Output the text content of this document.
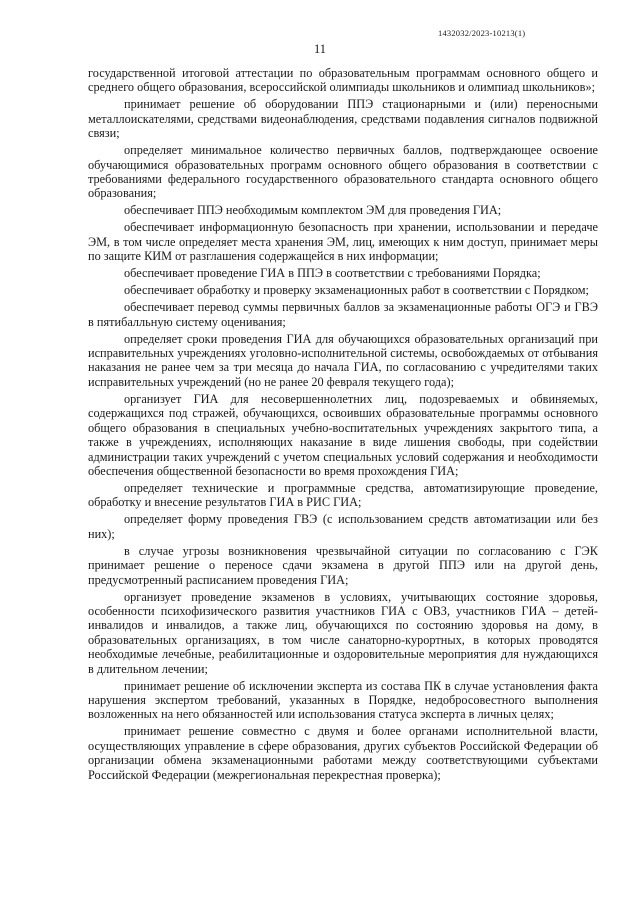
1432032/2023-10213(1)
11

государственной итоговой аттестации по образовательным программам основного общего и среднего общего образования, всероссийской олимпиады школьников и олимпиад школьников»;

принимает решение об оборудовании ППЭ стационарными и (или) переносными металлоискателями, средствами видеонаблюдения, средствами подавления сигналов подвижной связи;

определяет минимальное количество первичных баллов, подтверждающее освоение обучающимися образовательных программ основного общего образования в соответствии с требованиями федерального государственного образовательного стандарта основного общего образования;

обеспечивает ППЭ необходимым комплектом ЭМ для проведения ГИА;

обеспечивает информационную безопасность при хранении, использовании и передаче ЭМ, в том числе определяет места хранения ЭМ, лиц, имеющих к ним доступ, принимает меры по защите КИМ от разглашения содержащейся в них информации;

обеспечивает проведение ГИА в ППЭ в соответствии с требованиями Порядка;

обеспечивает обработку и проверку экзаменационных работ в соответствии с Порядком;

обеспечивает перевод суммы первичных баллов за экзаменационные работы ОГЭ и ГВЭ в пятибалльную систему оценивания;

определяет сроки проведения ГИА для обучающихся образовательных организаций при исправительных учреждениях уголовно-исполнительной системы, освобождаемых от отбывания наказания не ранее чем за три месяца до начала ГИА, по согласованию с учредителями таких исправительных учреждений (но не ранее 20 февраля текущего года);

организует ГИА для несовершеннолетних лиц, подозреваемых и обвиняемых, содержащихся под стражей, обучающихся, освоивших образовательные программы основного общего образования в специальных учебно-воспитательных учреждениях закрытого типа, а также в учреждениях, исполняющих наказание в виде лишения свободы, при содействии администрации таких учреждений с учетом специальных условий содержания и необходимости обеспечения общественной безопасности во время прохождения ГИА;

определяет технические и программные средства, автоматизирующие проведение, обработку и внесение результатов ГИА в РИС ГИА;

определяет форму проведения ГВЭ (с использованием средств автоматизации или без них);

в случае угрозы возникновения чрезвычайной ситуации по согласованию с ГЭК принимает решение о переносе сдачи экзамена в другой ППЭ или на другой день, предусмотренный расписанием проведения ГИА;

организует проведение экзаменов в условиях, учитывающих состояние здоровья, особенности психофизического развития участников ГИА с ОВЗ, участников ГИА – детей-инвалидов и инвалидов, а также лиц, обучающихся по состоянию здоровья на дому, в образовательных организациях, в том числе санаторно-курортных, в которых проводятся необходимые лечебные, реабилитационные и оздоровительные мероприятия для нуждающихся в длительном лечении;

принимает решение об исключении эксперта из состава ПК в случае установления факта нарушения экспертом требований, указанных в Порядке, недобросовестного выполнения возложенных на него обязанностей или использования статуса эксперта в личных целях;

принимает решение совместно с двумя и более органами исполнительной власти, осуществляющих управление в сфере образования, других субъектов Российской Федерации об организации обмена экзаменационными работами между соответствующими субъектами Российской Федерации (межрегиональная перекрестная проверка);
